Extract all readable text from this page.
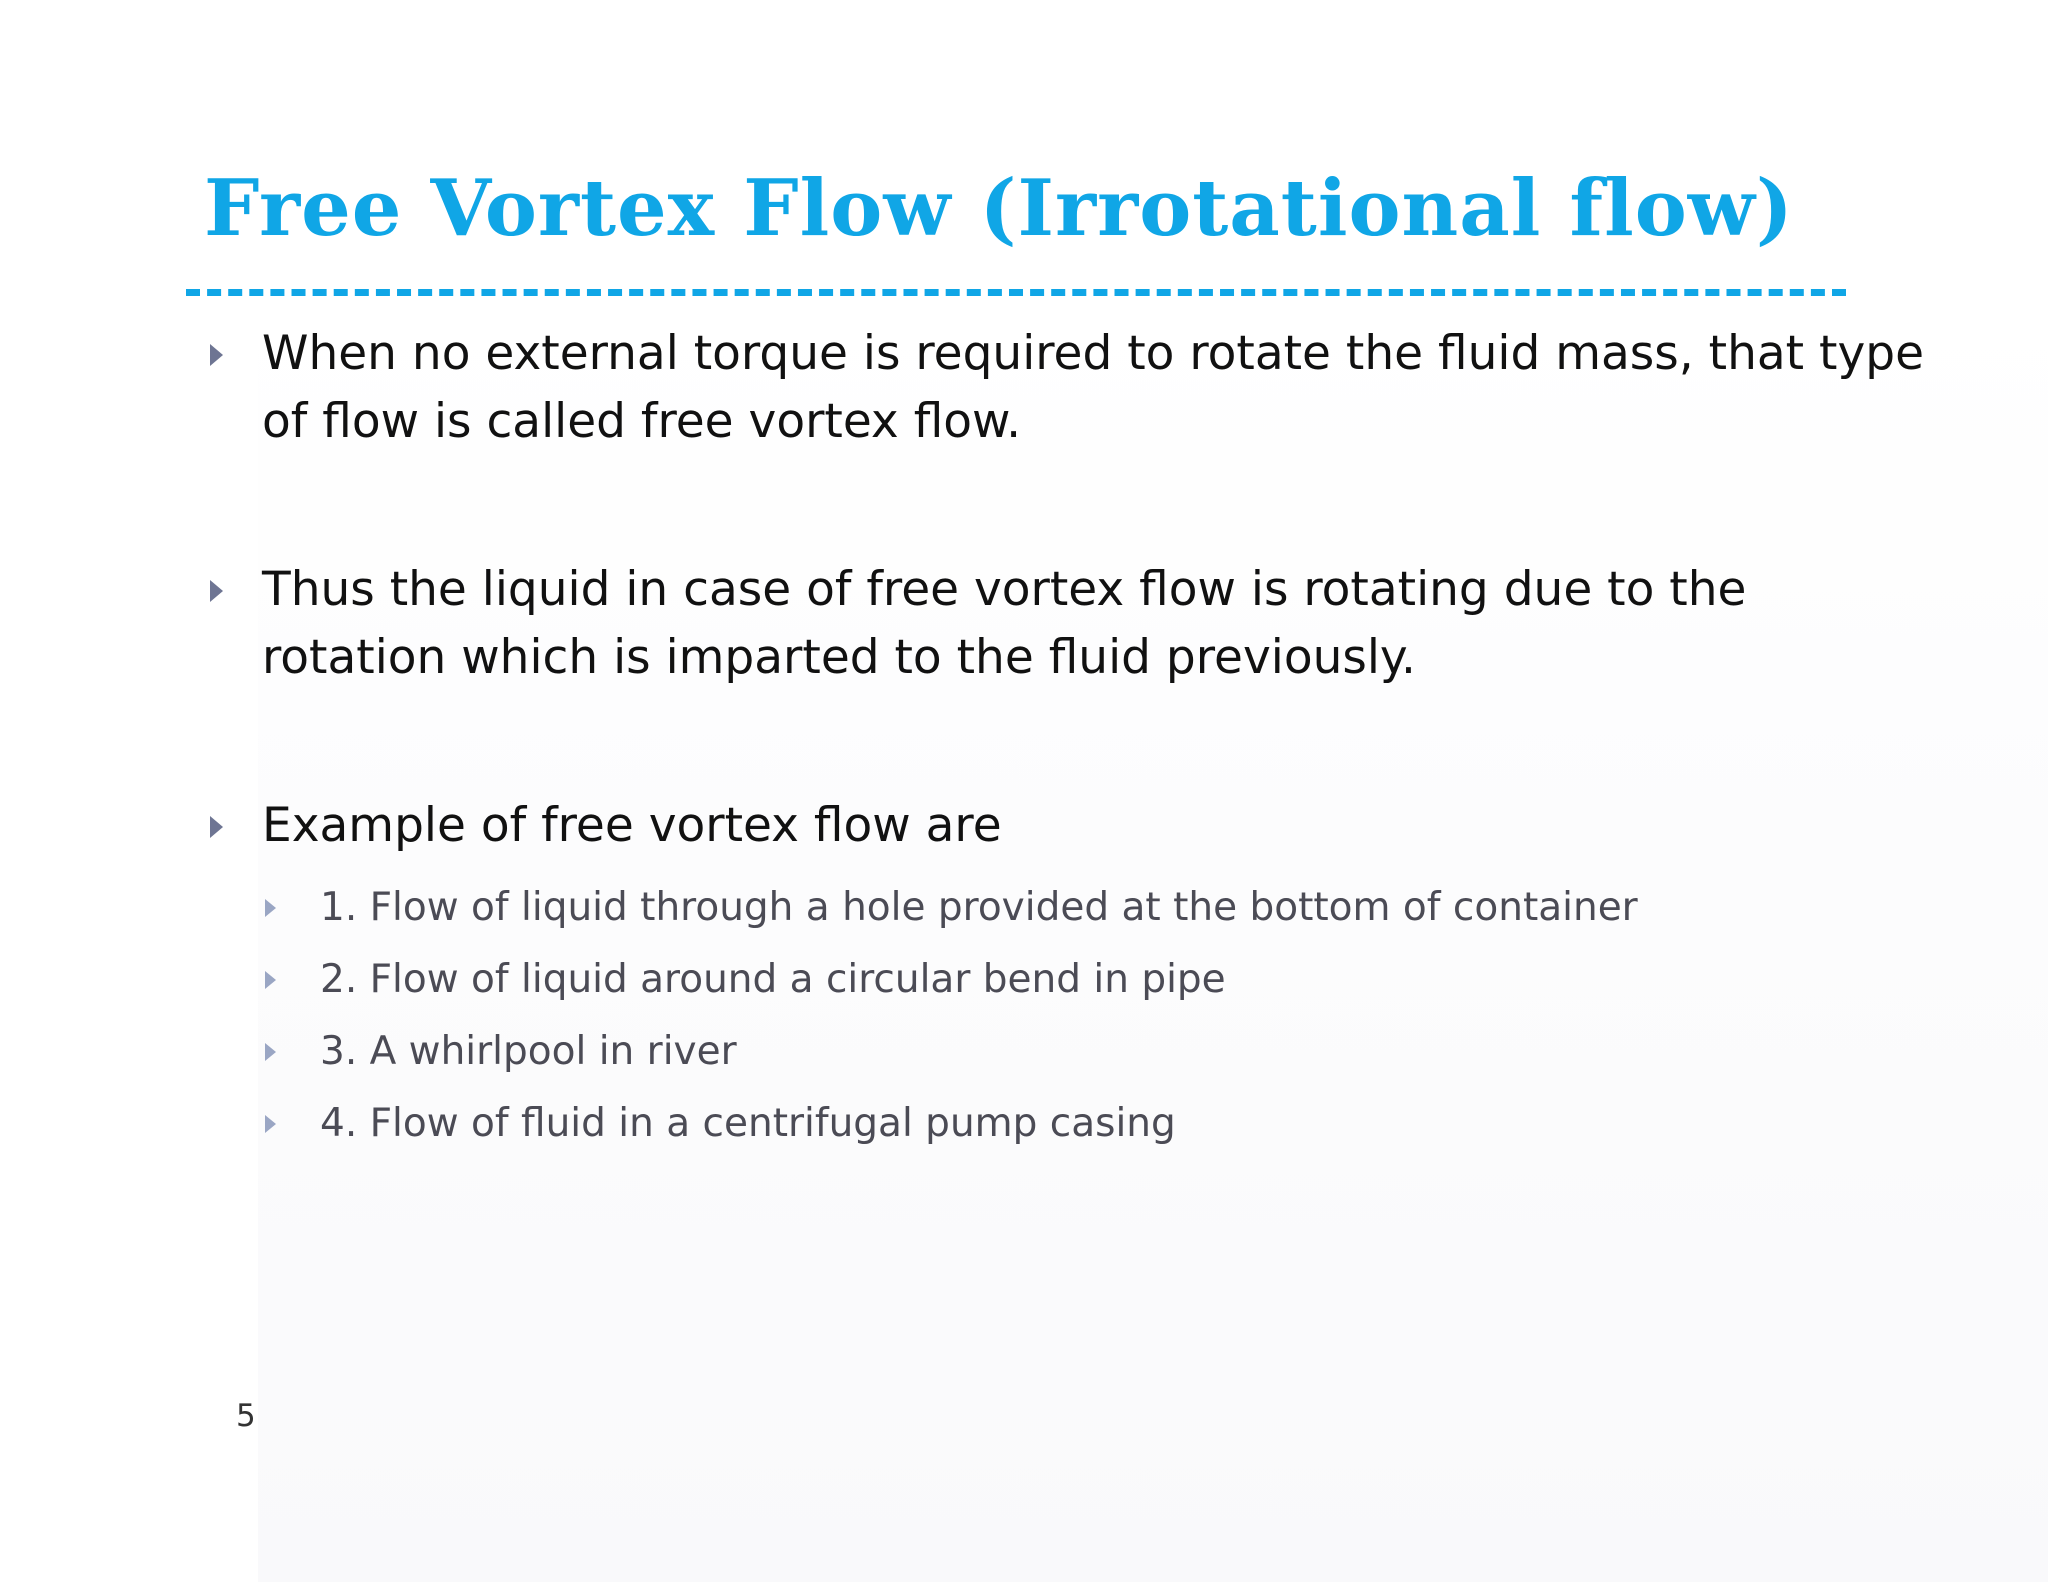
Free Vortex Flow (Irrotational flow)
When no external torque is required to rotate the fluid mass, that type of flow is called free vortex flow.
Thus the liquid in case of free vortex flow is rotating due to the rotation which is imparted to the fluid previously.
Example of free vortex flow are
1. Flow of liquid through a hole provided at the bottom of container
2. Flow of liquid around a circular bend in pipe
3. A whirlpool in river
4. Flow of fluid in a centrifugal pump casing
5
